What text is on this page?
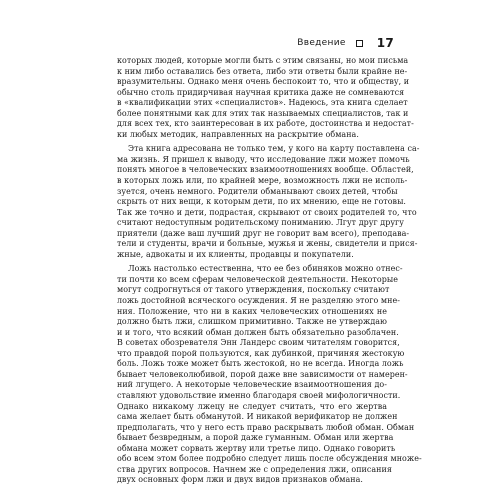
Введение	17
которых людей, которые могли быть с этим связаны, но мои письма
к ним либо оставались без ответа, либо эти ответы были крайне не-
вразумительны. Однако меня очень беспокоит то, что и обществу, и
обычно столь придирчивая научная критика даже не сомневаются
в «квалификации этих «специалистов». Надеюсь, эта книга сделает
более понятными как для этих так называемых специалистов, так и
для всех тех, кто заинтересован в их работе, достоинства и недостат-
ки любых методик, направленных на раскрытие обмана.
Эта книга адресована не только тем, у кого на карту поставлена са-
ма жизнь. Я пришел к выводу, что исследование лжи может помочь
понять многое в человеческих взаимоотношениях вообще. Областей,
в которых ложь или, по крайней мере, возможность лжи не исполь-
зуется, очень немного. Родители обманывают своих детей, чтобы
скрыть от них вещи, к которым дети, по их мнению, еще не готовы.
Так же точно и дети, подрастая, скрывают от своих родителей то, что
считают недоступным родительскому пониманию. Лгут друг другу
приятели (даже ваш лучший друг не говорит вам всего), преподава-
тели и студенты, врачи и больные, мужья и жены, свидетели и прися-
жные, адвокаты и их клиенты, продавцы и покупатели.
Ложь настолько естественна, что ее без обиняков можно отнес-
ти почти ко всем сферам человеческой деятельности. Некоторые
могут содрогнуться от такого утверждения, поскольку считают
ложь достойной всяческого осуждения. Я не разделяю этого мне-
ния. Положение, что ни в каких человеческих отношениях не
должно быть лжи, слишком примитивно. Также не утверждаю
и и того, что всякий обман должен быть обязательно разоблачен.
В советах обозревателя Энн Ландерс своим читателям говорится,
что правдой порой пользуются, как дубинкой, причиняя жестокую
боль. Ложь тоже может быть жестокой, но не всегда. Иногда ложь
бывает человеколюбивой, порой даже вне зависимости от намерен-
ний лгущего. А некоторые человеческие взаимоотношения до-
ставляют удовольствие именно благодаря своей мифологичности.
Однако никакому лжецу не следует считать, что его жертва
сама желает быть обманутой. И никакой верификатор не должен
предполагать, что у него есть право раскрывать любой обман. Обман
бывает безвредным, а порой даже гуманным. Обман или жертва
обмана может сорвать жертву или третье лицо. Однако говорить
обо всем этом более подробно следует лишь после обсуждения множе-
ства других вопросов. Начнем же с определения лжи, описания
двух основных форм лжи и двух видов признаков обмана.
